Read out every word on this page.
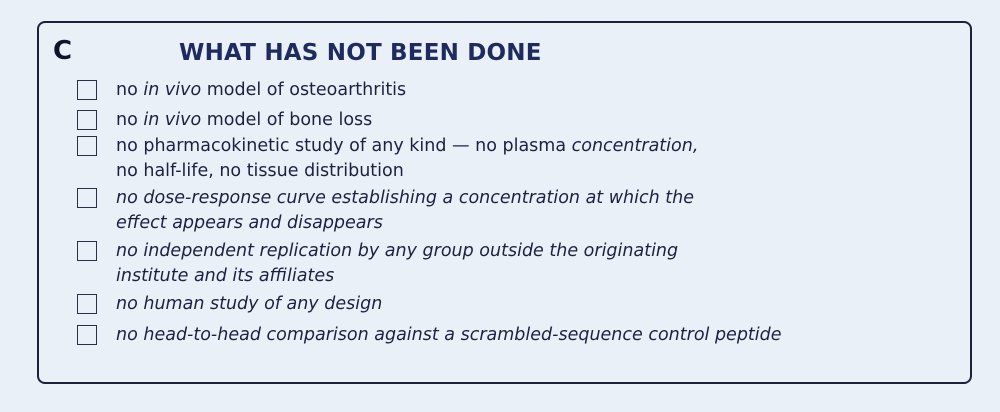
C	WHAT HAS NOT BEEN DONE
no in vivo model of osteoarthritis
no in vivo model of bone loss
no pharmacokinetic study of any kind — no plasma concentration,
no half-life, no tissue distribution
no dose-response curve establishing a concentration at which the
effect appears and disappears
no independent replication by any group outside the originating
institute and its affiliates
no human study of any design
no head-to-head comparison against a scrambled-sequence control peptide
